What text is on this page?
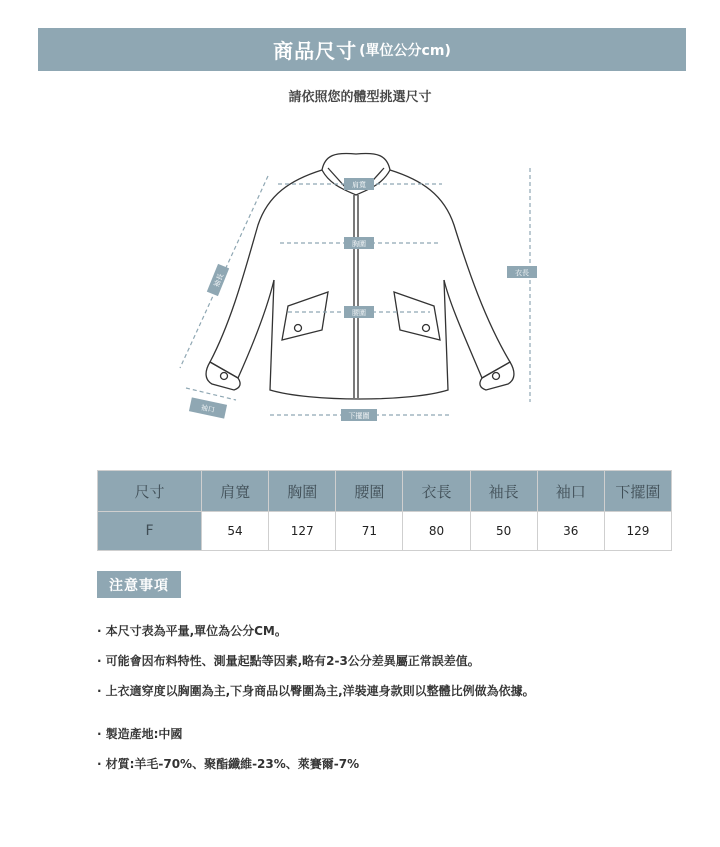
商品尺寸 (單位公分cm)
請依照您的體型挑選尺寸
肩寬
胸圍
腰圍
衣長
下擺圍
袖長
袖口
尺寸	肩寬	胸圍	腰圍	衣長	袖長	袖口	下擺圍
F	54	127	71	80	50	36	129
注意事項
· 本尺寸表為平量,單位為公分CM。
· 可能會因布料特性、測量起點等因素,略有2-3公分差異屬正常誤差值。
· 上衣適穿度以胸圍為主,下身商品以臀圍為主,洋裝連身款則以整體比例做為依據。
· 製造產地:中國
· 材質:羊毛-70%、聚酯纖維-23%、萊賽爾-7%
